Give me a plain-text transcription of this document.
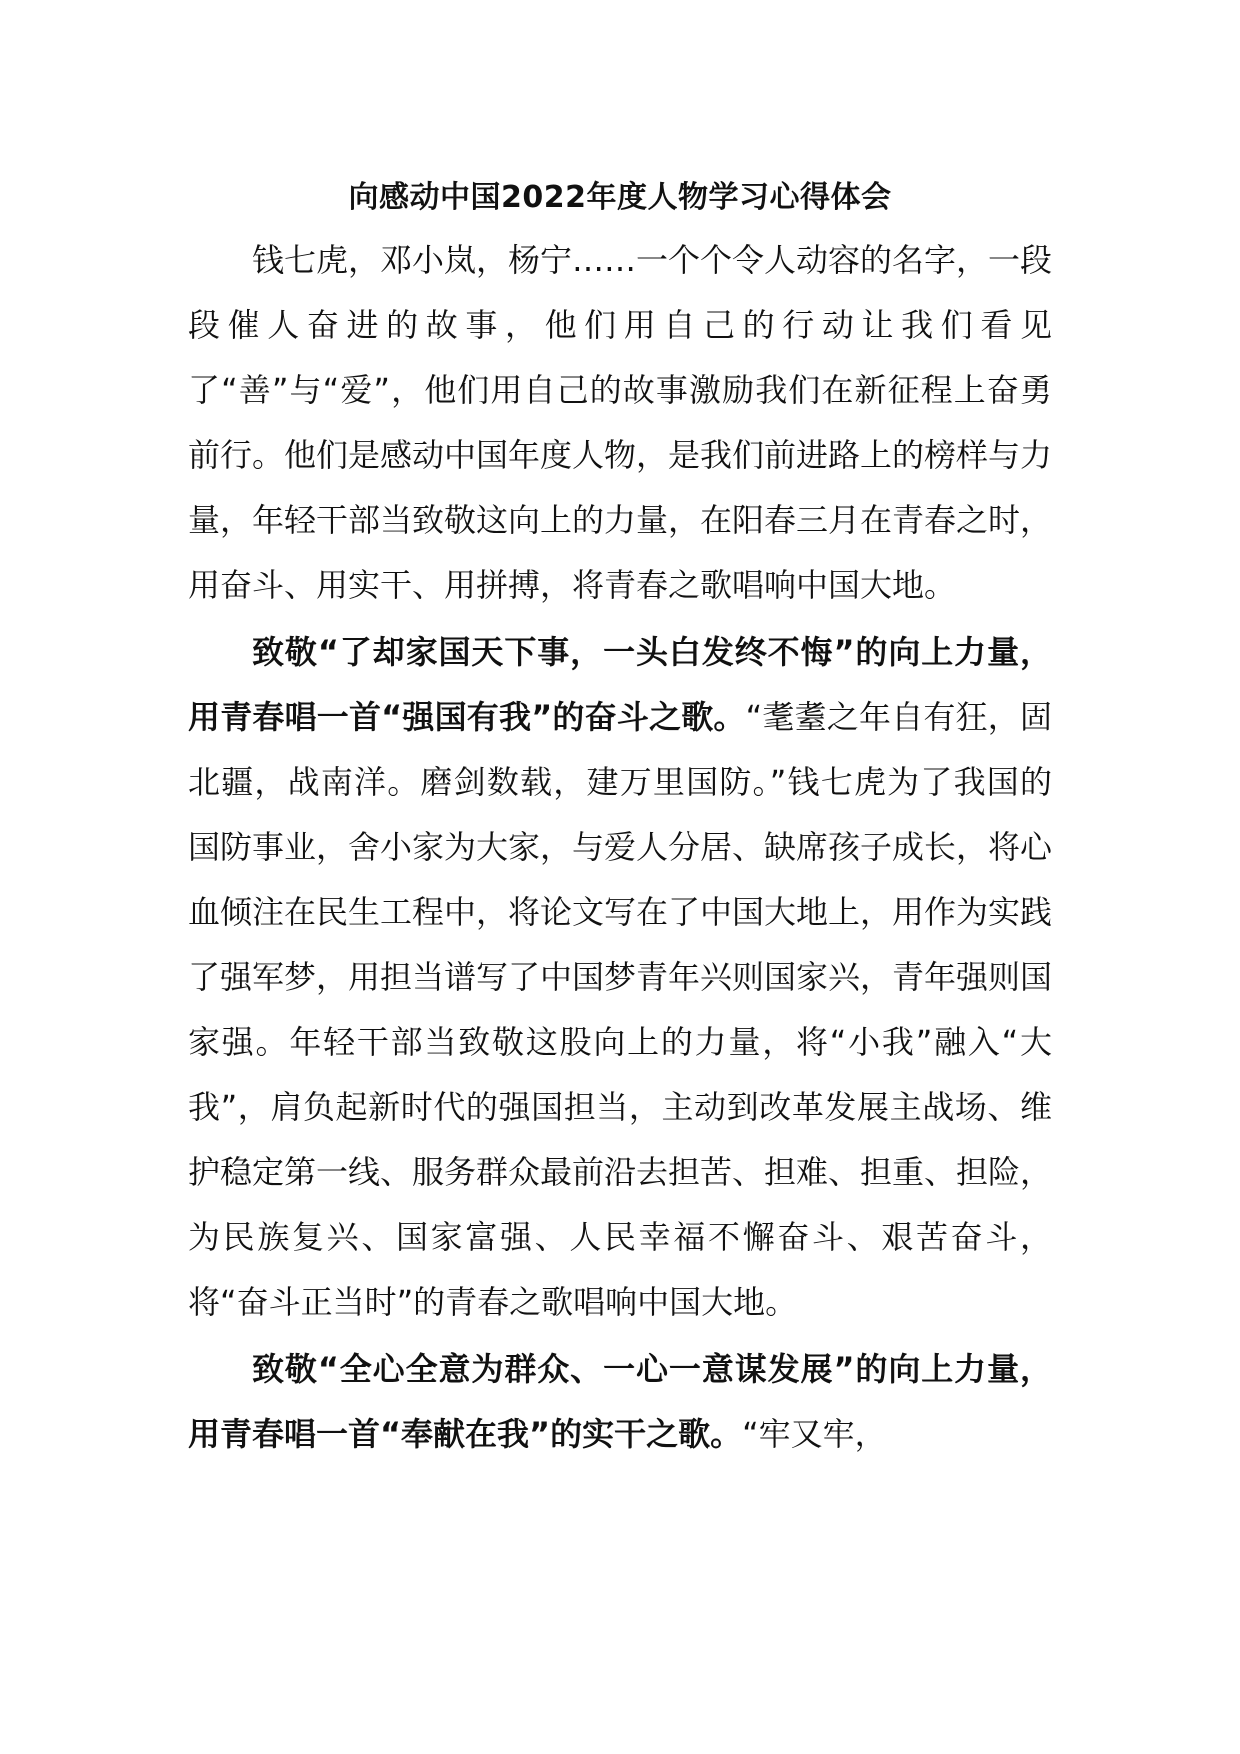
向感动中国2022年度人物学习心得体会

钱七虎，邓小岚，杨宁……一个个令人动容的名字，一段段催人奋进的故事，他们用自己的行动让我们看见了“善”与“爱”，他们用自己的故事激励我们在新征程上奋勇前行。他们是感动中国年度人物，是我们前进路上的榜样与力量，年轻干部当致敬这向上的力量，在阳春三月在青春之时，用奋斗、用实干、用拼搏，将青春之歌唱响中国大地。

致敬“了却家国天下事，一头白发终不悔”的向上力量，用青春唱一首“强国有我”的奋斗之歌。“耄耋之年自有狂，固北疆，战南洋。磨剑数载，建万里国防。”钱七虎为了我国的国防事业，舍小家为大家，与爱人分居、缺席孩子成长，将心血倾注在民生工程中，将论文写在了中国大地上，用作为实践了强军梦，用担当谱写了中国梦青年兴则国家兴，青年强则国家强。年轻干部当致敬这股向上的力量，将“小我”融入“大我”，肩负起新时代的强国担当，主动到改革发展主战场、维护稳定第一线、服务群众最前沿去担苦、担难、担重、担险，为民族复兴、国家富强、人民幸福不懈奋斗、艰苦奋斗，将“奋斗正当时”的青春之歌唱响中国大地。

致敬“全心全意为群众、一心一意谋发展”的向上力量，用青春唱一首“奉献在我”的实干之歌。“牢又牢，
